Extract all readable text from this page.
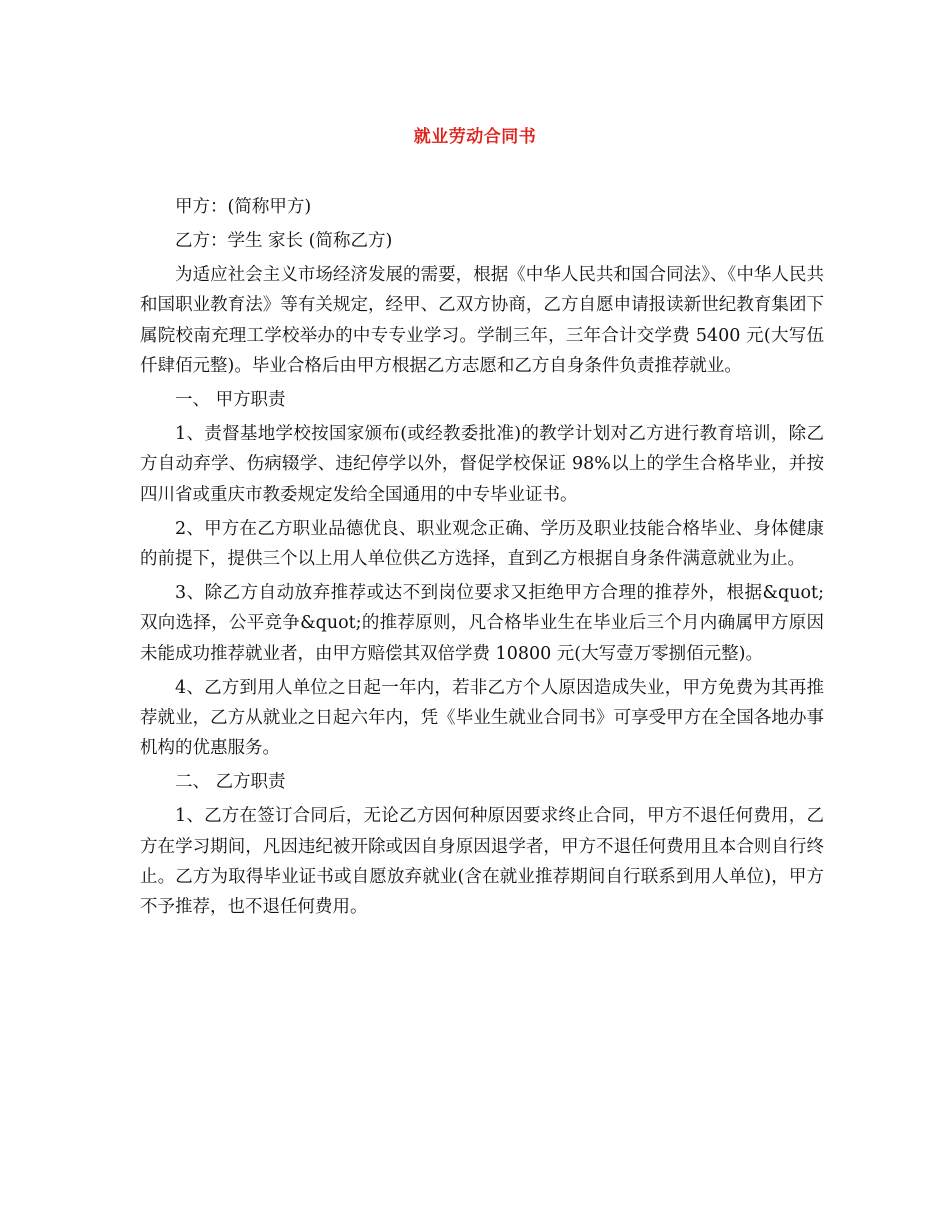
就业劳动合同书

甲方：(简称甲方)

乙方：学生 家长 (简称乙方)

为适应社会主义市场经济发展的需要，根据《中华人民共和国合同法》、《中华人民共和国职业教育法》等有关规定，经甲、乙双方协商，乙方自愿申请报读新世纪教育集团下属院校南充理工学校举办的中专专业学习。学制三年，三年合计交学费 5400 元(大写伍仟肆佰元整)。毕业合格后由甲方根据乙方志愿和乙方自身条件负责推荐就业。

一、 甲方职责

1、责督基地学校按国家颁布(或经教委批准)的教学计划对乙方进行教育培训，除乙方自动弃学、伤病辍学、违纪停学以外，督促学校保证 98%以上的学生合格毕业，并按四川省或重庆市教委规定发给全国通用的中专毕业证书。

2、甲方在乙方职业品德优良、职业观念正确、学历及职业技能合格毕业、身体健康的前提下，提供三个以上用人单位供乙方选择，直到乙方根据自身条件满意就业为止。

3、除乙方自动放弃推荐或达不到岗位要求又拒绝甲方合理的推荐外，根据&quot;双向选择，公平竞争&quot;的推荐原则，凡合格毕业生在毕业后三个月内确属甲方原因未能成功推荐就业者，由甲方赔偿其双倍学费 10800 元(大写壹万零捌佰元整)。

4、乙方到用人单位之日起一年内，若非乙方个人原因造成失业，甲方免费为其再推荐就业，乙方从就业之日起六年内，凭《毕业生就业合同书》可享受甲方在全国各地办事机构的优惠服务。

二、 乙方职责

1、乙方在签订合同后，无论乙方因何种原因要求终止合同，甲方不退任何费用，乙方在学习期间，凡因违纪被开除或因自身原因退学者，甲方不退任何费用且本合则自行终止。乙方为取得毕业证书或自愿放弃就业(含在就业推荐期间自行联系到用人单位)，甲方不予推荐，也不退任何费用。
